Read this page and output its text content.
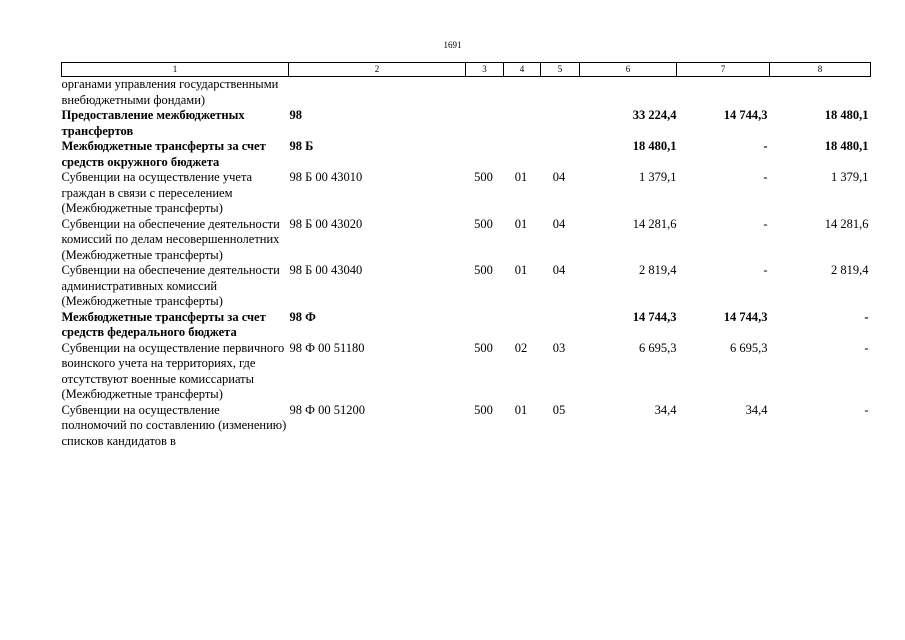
1691
1	2	3	4	5	6	7	8
органами управления государственными внебюджетными фондами)							
Предоставление межбюджетных трансфертов	98				33 224,4	14 744,3	18 480,1
Межбюджетные трансферты за счет средств окружного бюджета	98 Б				18 480,1	-	18 480,1
Субвенции на осуществление учета граждан в связи с переселением (Межбюджетные трансферты)	98 Б 00 43010	500	01	04	1 379,1	-	1 379,1
Субвенции на обеспечение деятельности комиссий по делам несовершеннолетних (Межбюджетные трансферты)	98 Б 00 43020	500	01	04	14 281,6	-	14 281,6
Субвенции на обеспечение деятельности административных комиссий (Межбюджетные трансферты)	98 Б 00 43040	500	01	04	2 819,4	-	2 819,4
Межбюджетные трансферты за счет средств федерального бюджета	98 Ф				14 744,3	14 744,3	-
Субвенции на осуществление первичного воинского учета на территориях, где отсутствуют военные комиссариаты (Межбюджетные трансферты)	98 Ф 00 51180	500	02	03	6 695,3	6 695,3	-
Субвенции на осуществление полномочий по составлению (изменению) списков кандидатов в	98 Ф 00 51200	500	01	05	34,4	34,4	-
